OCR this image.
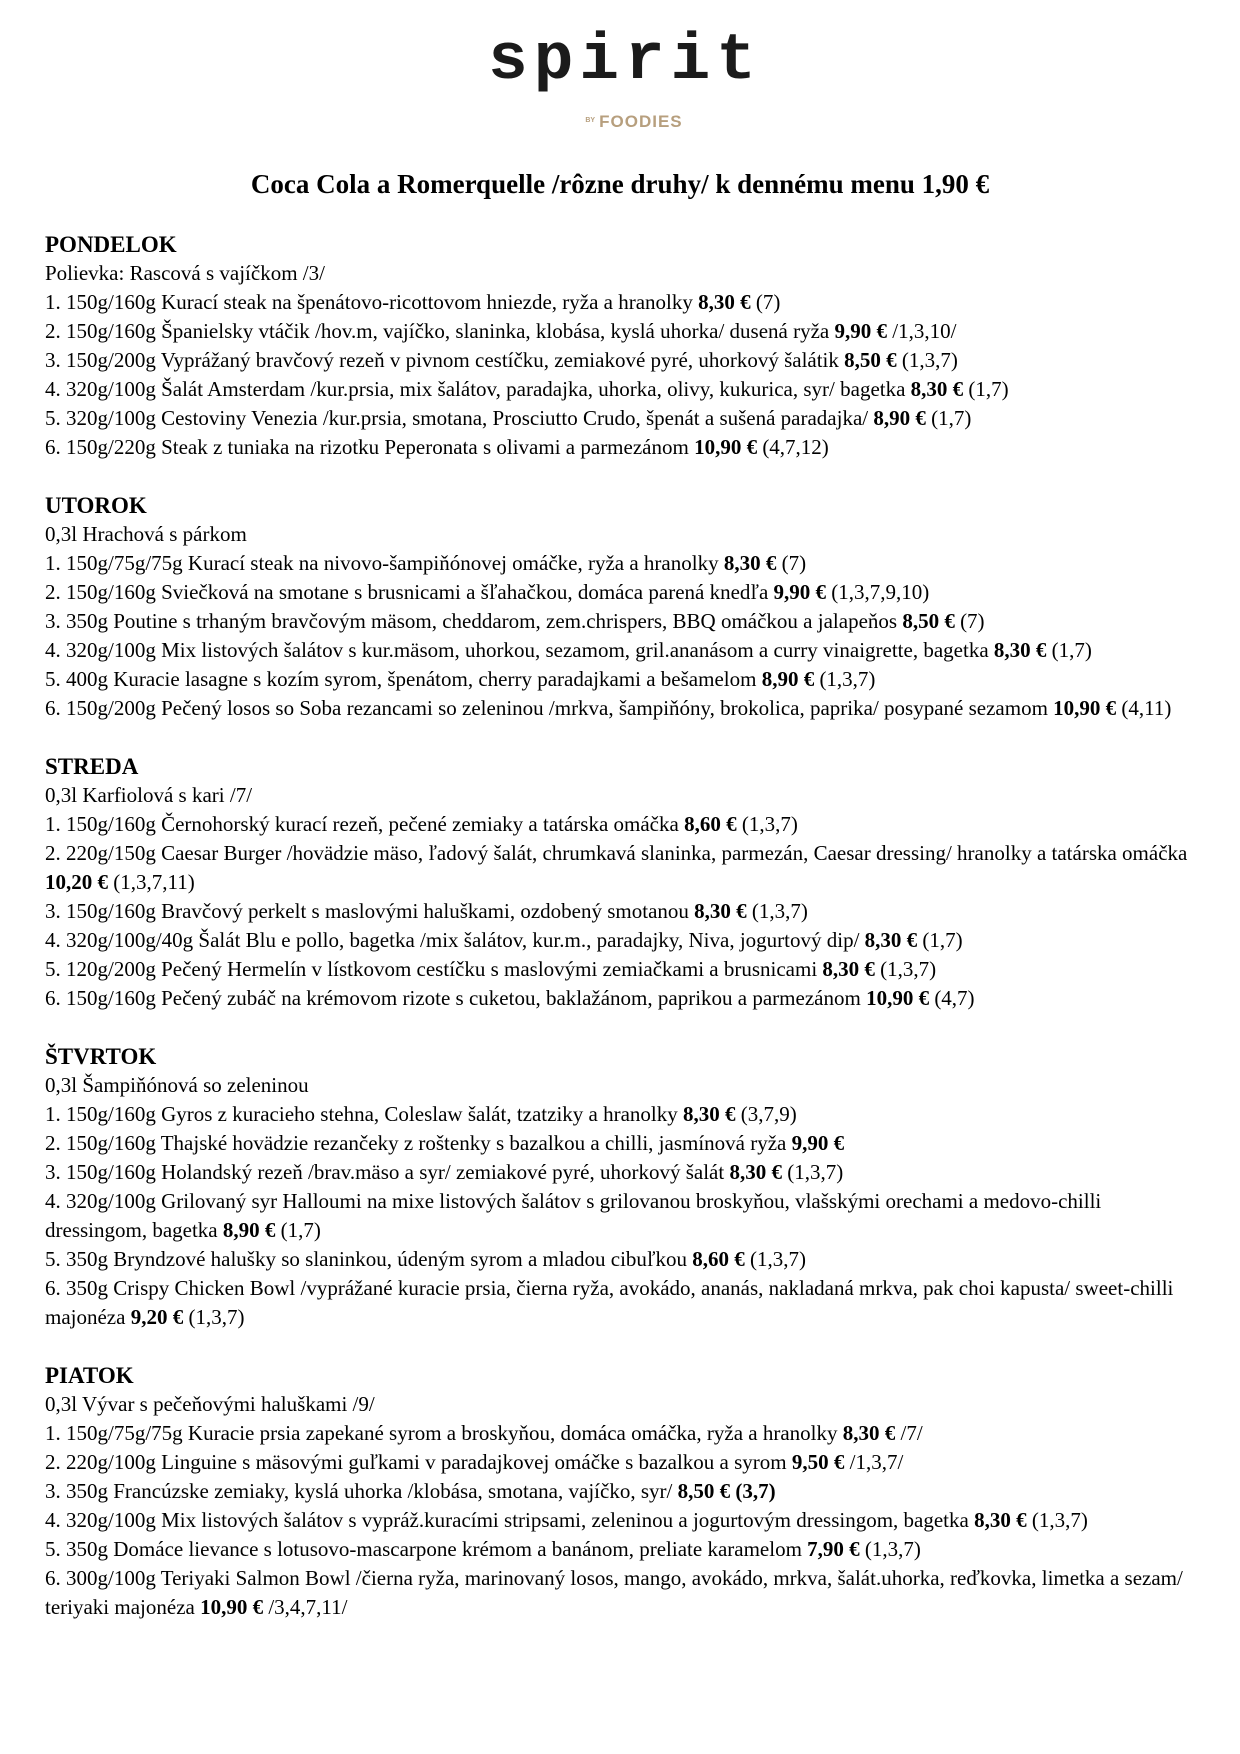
spirit
$^{BY}$ FOODIES
Coca Cola a Romerquelle /rôzne druhy/ k dennému menu 1,90 €
PONDELOK
Polievka: Rascová s vajíčkom /3/
1. 150g/160g Kurací steak na špenátovo-ricottovom hniezde, ryža a hranolky 8,30 € (7)
2. 150g/160g Španielsky vtáčik /hov.m, vajíčko, slaninka, klobása, kyslá uhorka/ dusená ryža 9,90 € /1,3,10/
3. 150g/200g Vyprážaný bravčový rezeň v pivnom cestíčku, zemiakové pyré, uhorkový šalátik 8,50 € (1,3,7)
4. 320g/100g Šalát Amsterdam /kur.prsia, mix šalátov, paradajka, uhorka, olivy, kukurica, syr/ bagetka 8,30 € (1,7)
5. 320g/100g Cestoviny Venezia /kur.prsia, smotana, Prosciutto Crudo, špenát a sušená paradajka/ 8,90 € (1,7)
6. 150g/220g Steak z tuniaka na rizotku Peperonata s olivami a parmezánom 10,90 € (4,7,12)
UTOROK
0,3l Hrachová s párkom
1. 150g/75g/75g Kurací steak na nivovo-šampiňónovej omáčke, ryža a hranolky 8,30 € (7)
2. 150g/160g Sviečková na smotane s brusnicami a šľahačkou, domáca parená knedľa 9,90 € (1,3,7,9,10)
3. 350g Poutine s trhaným bravčovým mäsom, cheddarom, zem.chrispers, BBQ omáčkou a jalapeňos 8,50 € (7)
4. 320g/100g Mix listových šalátov s kur.mäsom, uhorkou, sezamom, gril.ananásom a curry vinaigrette, bagetka 8,30 € (1,7)
5. 400g Kuracie lasagne s kozím syrom, špenátom, cherry paradajkami a bešamelom 8,90 € (1,3,7)
6. 150g/200g Pečený losos so Soba rezancami so zeleninou /mrkva, šampiňóny, brokolica, paprika/ posypané sezamom 10,90 € (4,11)
STREDA
0,3l Karfiolová s kari /7/
1. 150g/160g Černohorský kurací rezeň, pečené zemiaky a tatárska omáčka 8,60 € (1,3,7)
2. 220g/150g Caesar Burger /hovädzie mäso, ľadový šalát, chrumkavá slaninka, parmezán, Caesar dressing/ hranolky a tatárska omáčka 10,20 € (1,3,7,11)
3. 150g/160g Bravčový perkelt s maslovými haluškami, ozdobený smotanou 8,30 € (1,3,7)
4. 320g/100g/40g Šalát Blu e pollo, bagetka /mix šalátov, kur.m., paradajky, Niva, jogurtový dip/ 8,30 € (1,7)
5. 120g/200g Pečený Hermelín v lístkovom cestíčku s maslovými zemiačkami a brusnicami 8,30 € (1,3,7)
6. 150g/160g Pečený zubáč na krémovom rizote s cuketou, baklažánom, paprikou a parmezánom 10,90 € (4,7)
ŠTVRTOK
0,3l Šampiňónová so zeleninou
1. 150g/160g Gyros z kuracieho stehna, Coleslaw šalát, tzatziky a hranolky 8,30 € (3,7,9)
2. 150g/160g Thajské hovädzie rezančeky z roštenky s bazalkou a chilli, jasmínová ryža 9,90 €
3. 150g/160g Holandský rezeň /brav.mäso a syr/ zemiakové pyré, uhorkový šalát 8,30 € (1,3,7)
4. 320g/100g Grilovaný syr Halloumi na mixe listových šalátov s grilovanou broskyňou, vlašskými orechami a medovo-chilli dressingom, bagetka 8,90 € (1,7)
5. 350g Bryndzové halušky so slaninkou, údeným syrom a mladou cibuľkou 8,60 € (1,3,7)
6. 350g Crispy Chicken Bowl /vyprážané kuracie prsia, čierna ryža, avokádo, ananás, nakladaná mrkva, pak choi kapusta/ sweet-chilli majonéza 9,20 € (1,3,7)
PIATOK
0,3l Vývar s pečeňovými haluškami /9/
1. 150g/75g/75g Kuracie prsia zapekané syrom a broskyňou, domáca omáčka, ryža a hranolky 8,30 € /7/
2. 220g/100g Linguine s mäsovými guľkami v paradajkovej omáčke s bazalkou a syrom 9,50 € /1,3,7/
3. 350g Francúzske zemiaky, kyslá uhorka /klobása, smotana, vajíčko, syr/ 8,50 € (3,7)
4. 320g/100g Mix listových šalátov s vypráž.kuracími stripsami, zeleninou a jogurtovým dressingom, bagetka 8,30 € (1,3,7)
5. 350g Domáce lievance s lotusovo-mascarpone krémom a banánom, preliate karamelom 7,90 € (1,3,7)
6. 300g/100g Teriyaki Salmon Bowl /čierna ryža, marinovaný losos, mango, avokádo, mrkva, šalát.uhorka, reďkovka, limetka a sezam/ teriyaki majonéza 10,90 € /3,4,7,11/
